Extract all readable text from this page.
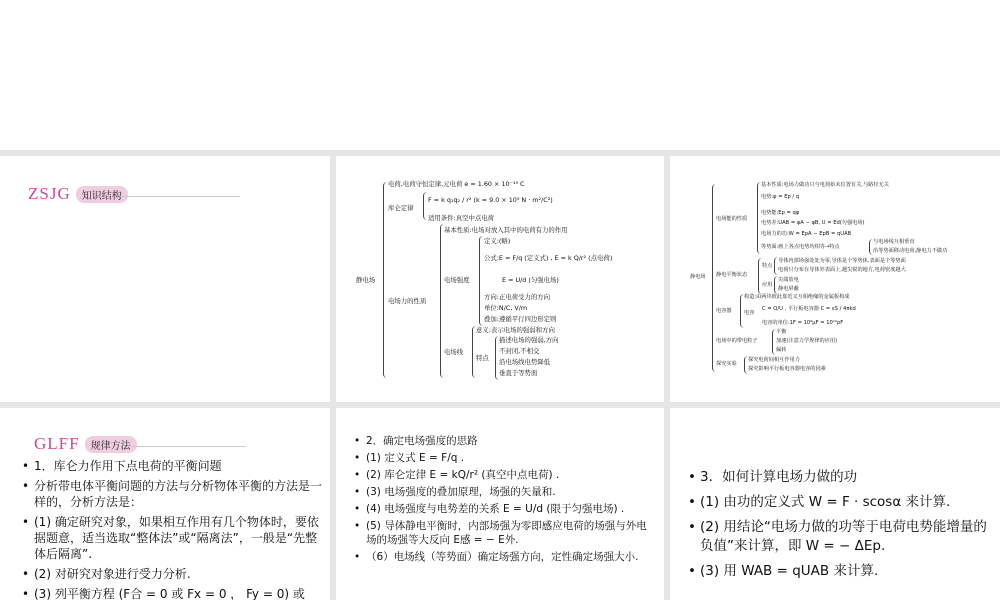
ZSJG	知识结构
静电场
电荷,电荷守恒定律,元电荷 e = 1.60 × 10⁻¹⁹ C
库仑定律
F = k q₁q₂ / r² (k = 9.0 × 10⁹ N · m²/C²)
适用条件:真空中点电荷
电场力的性质
基本性质:电场对放入其中的电荷有力的作用
电场强度
定义:(略)
公式:E = F/q (定义式) , E = k Q/r² (点电荷)
E = U/d (匀强电场)
方向:正电荷受力的方向
单位:N/C, V/m
叠加:遵循平行四边形定则
电场线
意义:表示电场的强弱和方向
特点
描述电场的强弱,方向
不封闭,不相交
沿电场线电势降低
垂直于等势面
静电场
电场能的性质
基本性质:电场力做功只与电荷始末位置有关,与路径无关
电势:φ = Ep / q
电势能:Ep = qφ
电势差:UAB = φA − φB, U = Ed(匀强电场)
电场力的功:W = EpA − EpB = qUAB
等势面:画上各点电势均相等→特点
与电场线互相垂直
沿等势面移动电荷,静电力不做功
静电平衡状态
特点
导体内部场强处处为零,导体是个等势体,表面是个等势面
电荷只分布在导体外表面上,越尖锐的地方,电荷密度越大
应用
尖端放电
静电屏蔽
电容器
构造:由两块彼此靠近又互相绝缘的金属板构成
电容
C = Q/U , 平行板电容器 C = εS / 4πkd
电容的单位:1F = 10⁶μF = 10¹²pF
电场中的带电粒子
平衡
加速(注意力学规律的应用)
偏转
探究实验
探究电荷间相互作用力
探究影响平行板电容器电容的因素
GLFF	规律方法
• 1．库仑力作用下点电荷的平衡问题
• 分析带电体平衡问题的方法与分析物体平衡的方法是一样的，分析方法是：
• (1) 确定研究对象，如果相互作用有几个物体时，要依据题意，适当选取“整体法”或“隔离法”，一般是“先整体后隔离”.
• (2) 对研究对象进行受力分析.
• (3) 列平衡方程 (F合 = 0 或 Fx = 0 ， Fy = 0) 或
• 2．确定电场强度的思路
• (1) 定义式 E = F/q .
• (2) 库仑定律 E = kQ/r² (真空中点电荷) .
• (3) 电场强度的叠加原理，场强的矢量和.
• (4) 电场强度与电势差的关系 E = U/d (限于匀强电场) .
• (5) 导体静电平衡时，内部场强为零即感应电荷的场强与外电场的场强等大反向 E感 = − E外.
• （6）电场线（等势面）确定场强方向，定性确定场强大小.
• 3．如何计算电场力做的功
• (1) 由功的定义式 W = F · scosα 来计算.
• (2) 用结论“电场力做的功等于电荷电势能增量的负值”来计算，即 W = − ΔEp.
• (3) 用 WAB = qUAB 来计算.
